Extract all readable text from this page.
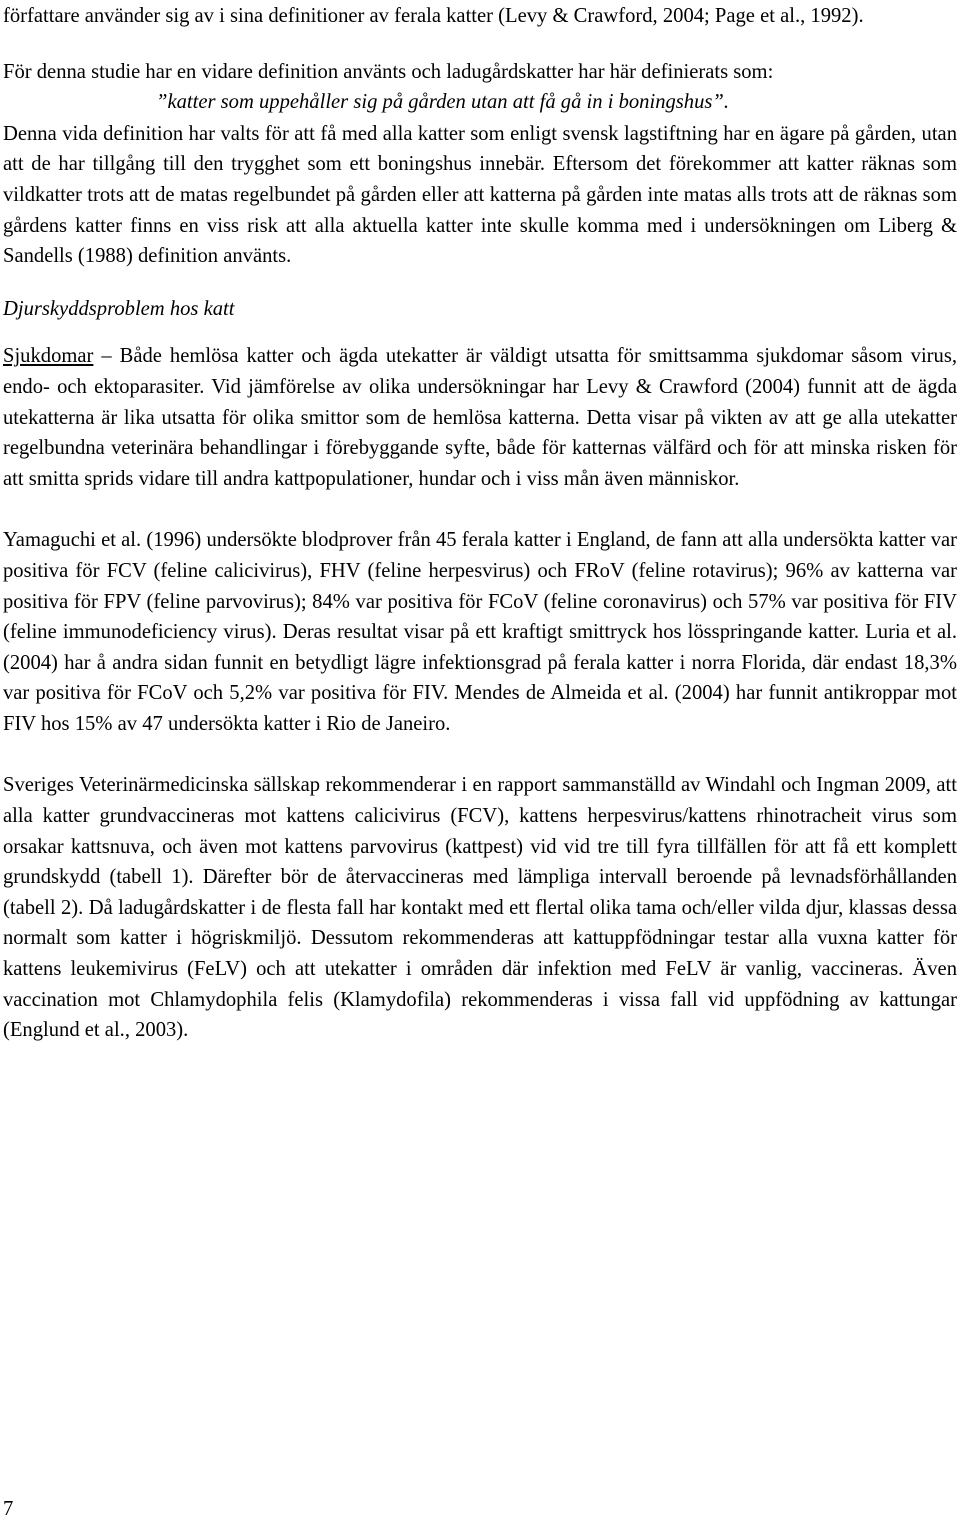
författare använder sig av i sina definitioner av ferala katter (Levy & Crawford, 2004; Page et al., 1992).

För denna studie har en vidare definition använts och ladugårdskatter har här definierats som:

”katter som uppehåller sig på gården utan att få gå in i boningshus”.

Denna vida definition har valts för att få med alla katter som enligt svensk lagstiftning har en ägare på gården, utan att de har tillgång till den trygghet som ett boningshus innebär. Eftersom det förekommer att katter räknas som vildkatter trots att de matas regelbundet på gården eller att katterna på gården inte matas alls trots att de räknas som gårdens katter finns en viss risk att alla aktuella katter inte skulle komma med i undersökningen om Liberg & Sandells (1988) definition använts.

Djurskyddsproblem hos katt

Sjukdomar – Både hemlösa katter och ägda utekatter är väldigt utsatta för smittsamma sjukdomar såsom virus, endo- och ektoparasiter. Vid jämförelse av olika undersökningar har Levy & Crawford (2004) funnit att de ägda utekatterna är lika utsatta för olika smittor som de hemlösa katterna. Detta visar på vikten av att ge alla utekatter regelbundna veterinära behandlingar i förebyggande syfte, både för katternas välfärd och för att minska risken för att smitta sprids vidare till andra kattpopulationer, hundar och i viss mån även människor.

Yamaguchi et al. (1996) undersökte blodprover från 45 ferala katter i England, de fann att alla undersökta katter var positiva för FCV (feline calicivirus), FHV (feline herpesvirus) och FRoV (feline rotavirus); 96% av katterna var positiva för FPV (feline parvovirus); 84% var positiva för FCoV (feline coronavirus) och 57% var positiva för FIV (feline immunodeficiency virus). Deras resultat visar på ett kraftigt smittryck hos lösspringande katter. Luria et al. (2004) har å andra sidan funnit en betydligt lägre infektionsgrad på ferala katter i norra Florida, där endast 18,3% var positiva för FCoV och 5,2% var positiva för FIV. Mendes de Almeida et al. (2004) har funnit antikroppar mot FIV hos 15% av 47 undersökta katter i Rio de Janeiro.

Sveriges Veterinärmedicinska sällskap rekommenderar i en rapport sammanställd av Windahl och Ingman 2009, att alla katter grundvaccineras mot kattens calicivirus (FCV), kattens herpesvirus/kattens rhinotracheit virus som orsakar kattsnuva, och även mot kattens parvovirus (kattpest) vid vid tre till fyra tillfällen för att få ett komplett grundskydd (tabell 1). Därefter bör de återvaccineras med lämpliga intervall beroende på levnadsförhållanden (tabell 2). Då ladugårdskatter i de flesta fall har kontakt med ett flertal olika tama och/eller vilda djur, klassas dessa normalt som katter i högriskmiljö. Dessutom rekommenderas att kattuppfödningar testar alla vuxna katter för kattens leukemivirus (FeLV) och att utekatter i områden där infektion med FeLV är vanlig, vaccineras. Även vaccination mot Chlamydophila felis (Klamydofila) rekommenderas i vissa fall vid uppfödning av kattungar (Englund et al., 2003).

7
